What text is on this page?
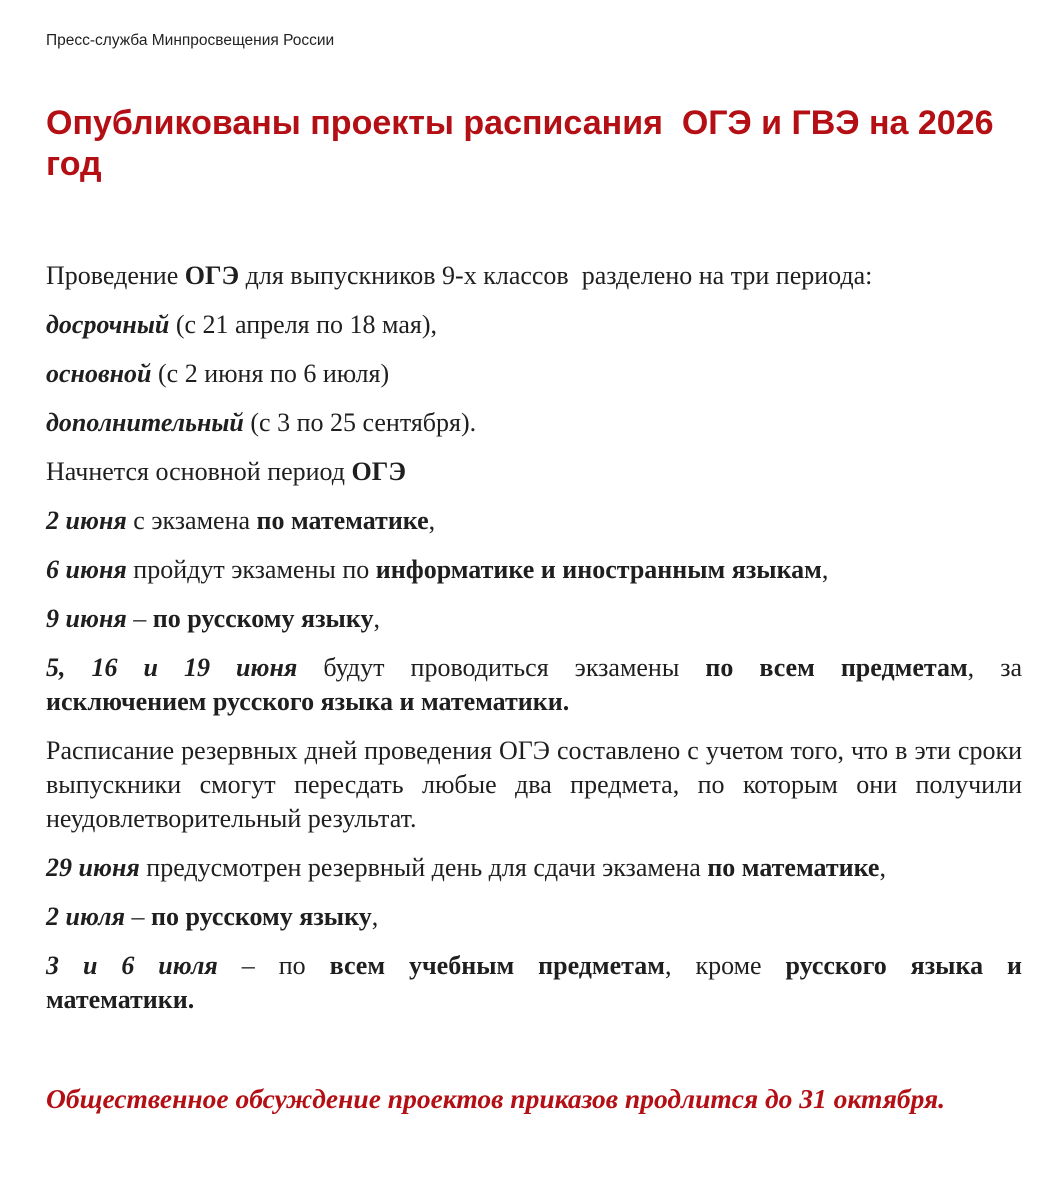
Пресс-служба Минпросвещения России
Опубликованы проекты расписания  ОГЭ и ГВЭ на 2026 год

Проведение ОГЭ для выпускников 9-х классов  разделено на три периода:

досрочный (с 21 апреля по 18 мая),

основной (с 2 июня по 6 июля)

дополнительный (с 3 по 25 сентября).

Начнется основной период ОГЭ

2 июня с экзамена по математике,

6 июня пройдут экзамены по информатике и иностранным языкам,

9 июня – по русскому языку,

5, 16 и 19 июня будут проводиться экзамены по всем предметам, за

исключением русского языка и математики.

Расписание резервных дней проведения ОГЭ составлено с учетом того, что в эти сроки выпускники смогут пересдать любые два предмета, по которым они получили неудовлетворительный результат.

29 июня предусмотрен резервный день для сдачи экзамена по математике,

2 июля – по русскому языку,

3 и 6 июля – по всем учебным предметам, кроме русского языка и

математики.

Общественное обсуждение проектов приказов продлится до 31 октября.
